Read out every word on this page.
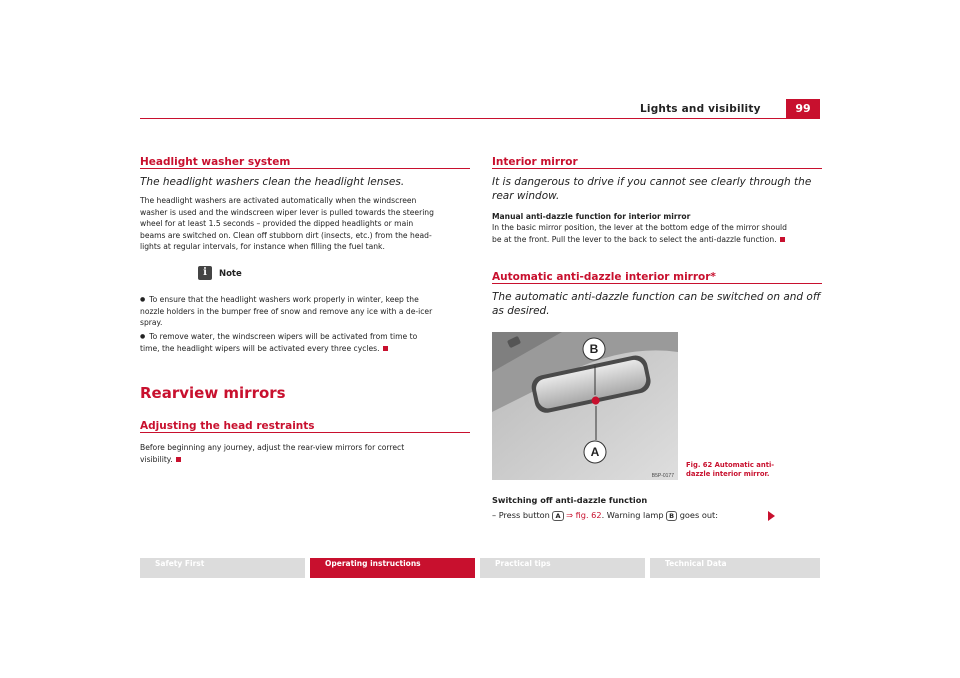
Lights and visibility	99
Headlight washer system
The headlight washers clean the headlight lenses.
The headlight washers are activated automatically when the windscreen
washer is used and the windscreen wiper lever is pulled towards the steering
wheel for at least 1.5 seconds – provided the dipped headlights or main
beams are switched on. Clean off stubborn dirt (insects, etc.) from the head-
lights at regular intervals, for instance when filling the fuel tank.
i	Note
● To ensure that the headlight washers work properly in winter, keep the
nozzle holders in the bumper free of snow and remove any ice with a de-icer
spray.
● To remove water, the windscreen wipers will be activated from time to
time, the headlight wipers will be activated every three cycles.
Rearview mirrors
Adjusting the head restraints
Before beginning any journey, adjust the rear-view mirrors for correct
visibility.
Interior mirror
It is dangerous to drive if you cannot see clearly through the rear window.
Manual anti-dazzle function for interior mirror
In the basic mirror position, the lever at the bottom edge of the mirror should
be at the front. Pull the lever to the back to select the anti-dazzle function.
Automatic anti-dazzle interior mirror*
The automatic anti-dazzle function can be switched on and off as desired.
B
A
B5P-0177
Fig. 62 Automatic anti-
dazzle interior mirror.
Switching off anti-dazzle function
– Press button A ⇒ fig. 62. Warning lamp B goes out:
Safety First	Operating instructions	Practical tips	Technical Data
